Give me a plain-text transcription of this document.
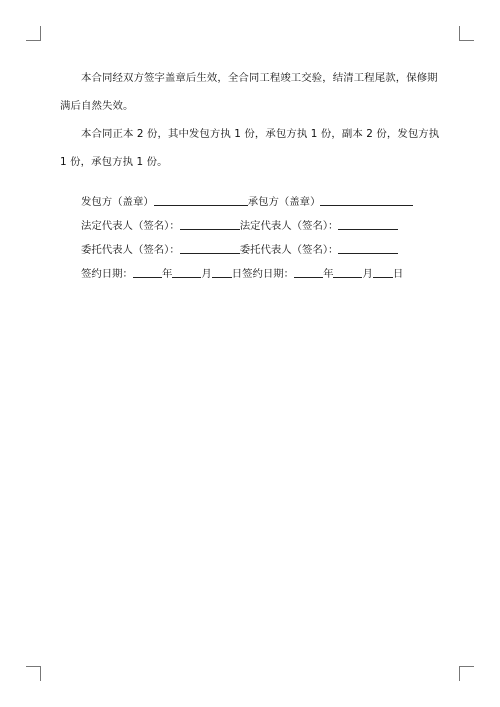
本合同经双方签字盖章后生效，全合同工程竣工交验，结清工程尾款，保修期满后自然失效。

本合同正本 2 份，其中发包方执 1 份，承包方执 1 份，副本 2 份，发包方执 1 份，承包方执 1 份。

发包方（盖章）	承包方（盖章）
法定代表人（签名）：	法定代表人（签名）：
委托代表人（签名）：	委托代表人（签名）：
签约日期：	年	月 日 签约日期：	年	月 日
